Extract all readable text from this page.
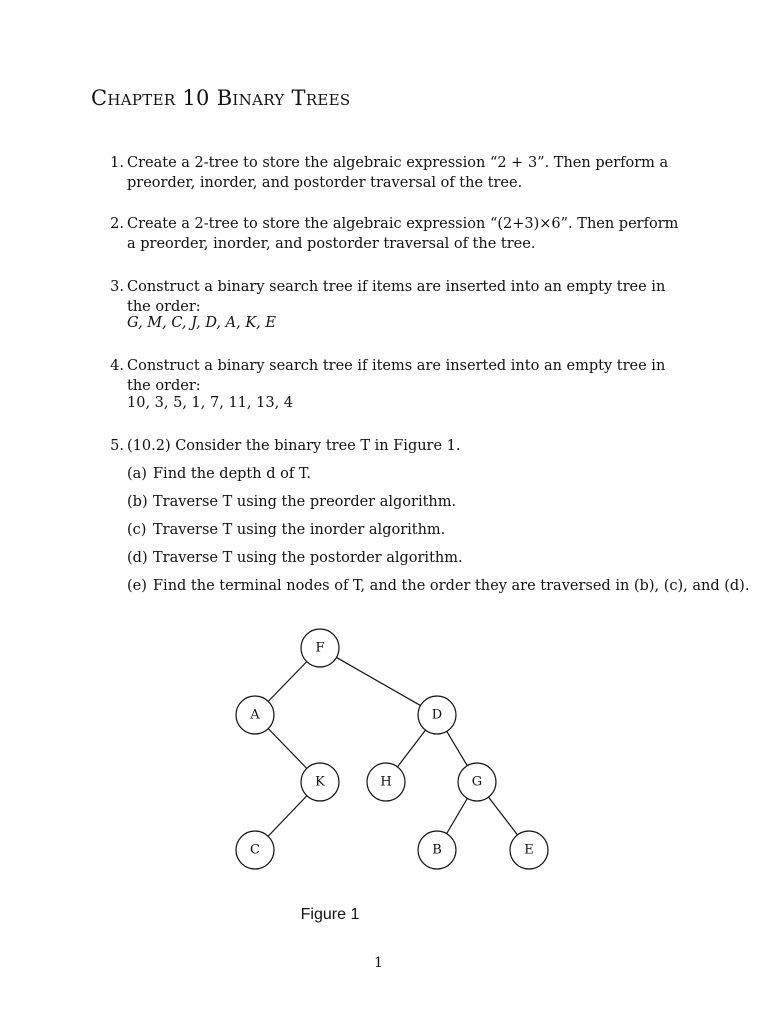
Chapter 10 Binary Trees
1. Create a 2-tree to store the algebraic expression “2 + 3”. Then perform a preorder, inorder, and postorder traversal of the tree.
2. Create a 2-tree to store the algebraic expression “(2+3)×6”. Then perform a preorder, inorder, and postorder traversal of the tree.
3. Construct a binary search tree if items are inserted into an empty tree in the order:
G, M, C, J, D, A, K, E
4. Construct a binary search tree if items are inserted into an empty tree in the order:
10, 3, 5, 1, 7, 11, 13, 4
5. (10.2) Consider the binary tree T in Figure 1.
(a) Find the depth d of T.
(b) Traverse T using the preorder algorithm.
(c) Traverse T using the inorder algorithm.
(d) Traverse T using the postorder algorithm.
(e) Find the terminal nodes of T, and the order they are traversed in (b), (c), and (d).
F
A	D
K	H	G
C	B	E
Figure 1
1
